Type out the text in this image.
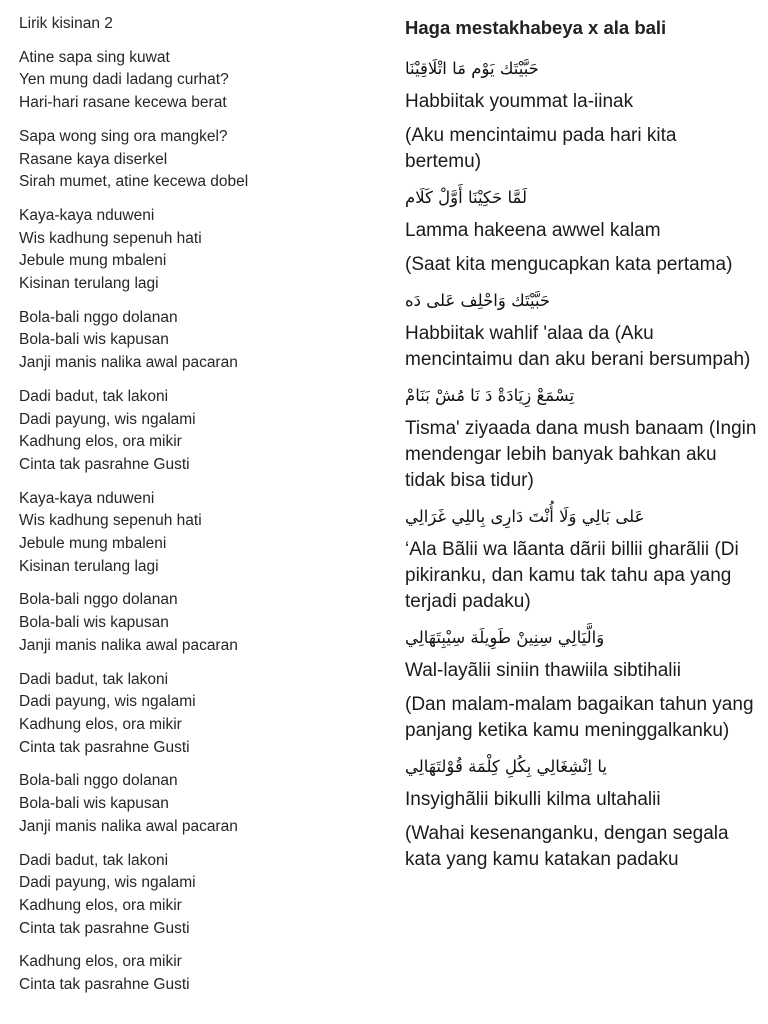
Lirik kisinan 2
Atine sapa sing kuwat
Yen mung dadi ladang curhat?
Hari-hari rasane kecewa berat
Sapa wong sing ora mangkel?
Rasane kaya diserkel
Sirah mumet, atine kecewa dobel
Kaya-kaya nduweni
Wis kadhung sepenuh hati
Jebule mung mbaleni
Kisinan terulang lagi
Bola-bali nggo dolanan
Bola-bali wis kapusan
Janji manis nalika awal pacaran
Dadi badut, tak lakoni
Dadi payung, wis ngalami
Kadhung elos, ora mikir
Cinta tak pasrahne Gusti
Kaya-kaya nduweni
Wis kadhung sepenuh hati
Jebule mung mbaleni
Kisinan terulang lagi
Bola-bali nggo dolanan
Bola-bali wis kapusan
Janji manis nalika awal pacaran
Dadi badut, tak lakoni
Dadi payung, wis ngalami
Kadhung elos, ora mikir
Cinta tak pasrahne Gusti
Bola-bali nggo dolanan
Bola-bali wis kapusan
Janji manis nalika awal pacaran
Dadi badut, tak lakoni
Dadi payung, wis ngalami
Kadhung elos, ora mikir
Cinta tak pasrahne Gusti
Kadhung elos, ora mikir
Cinta tak pasrahne Gusti
Haga mestakhabeya x ala bali
حَبَّيْتَك يَوْم مَا اتْلَاقِيْنَا
Habbiitak yoummat la-iinak
(Aku mencintaimu pada hari kita bertemu)
لَمَّا حَكِيْنَا أَوَّلْ كَلَام
Lamma hakeena awwel kalam
(Saat kita mengucapkan kata pertama)
حَبَّيْتَك وَاحْلِف عَلى دَه
Habbiitak wahlif 'alaa da (Aku mencintaimu dan aku berani bersumpah)
تِسْمَعْ زِيَادَةْ دَ نَا مُشْ بَنَامْ
Tisma' ziyaada dana mush banaam (Ingin mendengar lebih banyak bahkan aku tidak bisa tidur)
عَلى بَالِي وَلَا أُنْتَ دَارِى بِاللِي غَرَالِي
‘Ala Bãlii wa lãanta dãrii billii gharãlii (Di pikiranku, dan kamu tak tahu apa yang terjadi padaku)
وَالَّيَالِي سِنِينْ طَوِيلَة سِيْبِتَهَالِي
Wal-layãlii siniin thawiila sibtihalii
(Dan malam-malam bagaikan tahun yang panjang ketika kamu meninggalkanku)
يا اِنْشِغَالِي بِكُلِ كِلْمَة قُوْلتَهَالِي
Insyighãlii bikulli kilma ultahalii
(Wahai kesenanganku, dengan segala kata yang kamu katakan padaku
